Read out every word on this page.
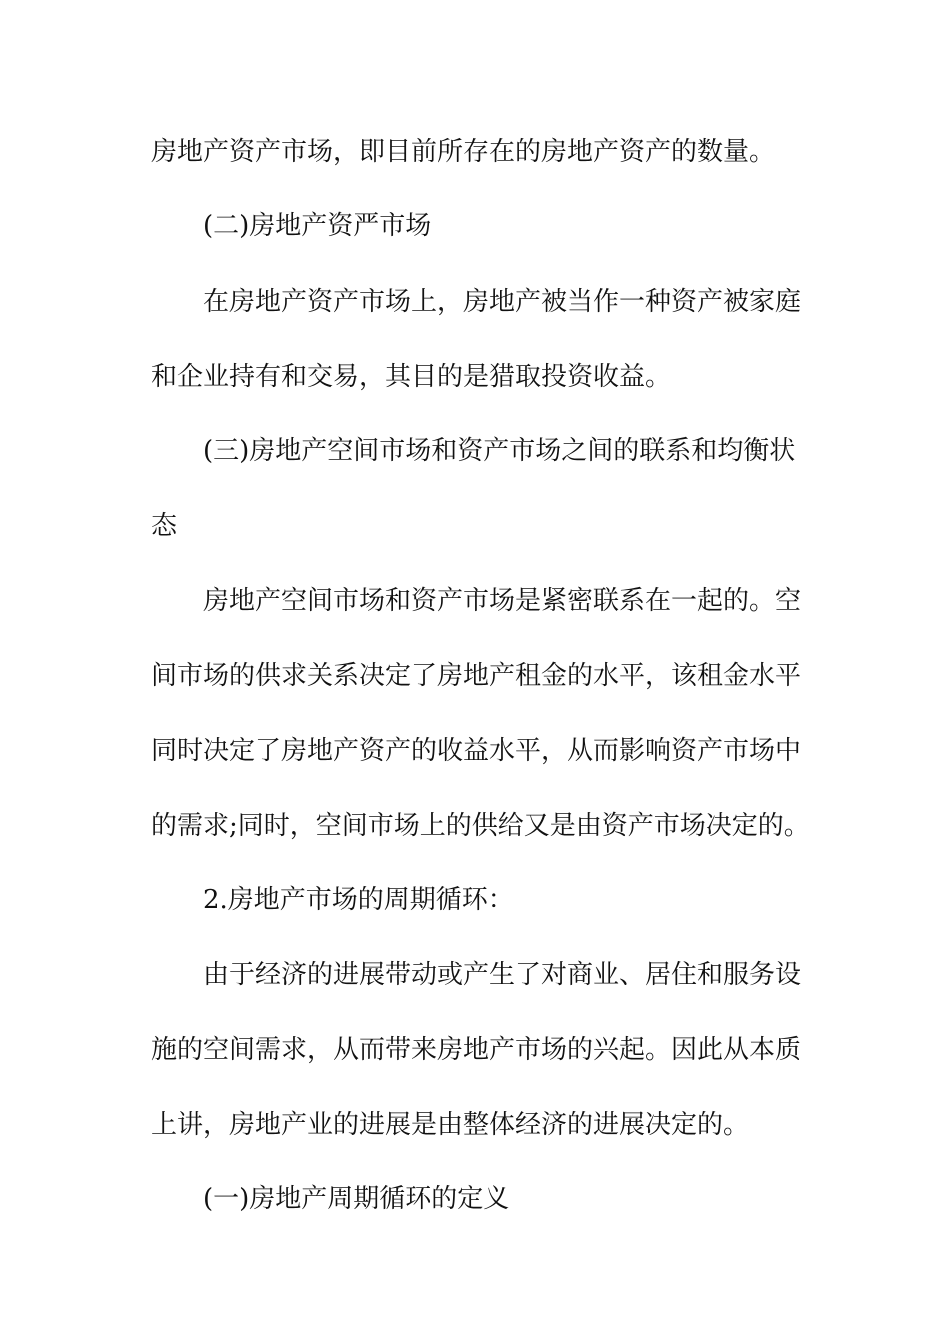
房地产资产市场，即目前所存在的房地产资产的数量。
(二)房地产资严市场
在房地产资产市场上，房地产被当作一种资产被家庭
和企业持有和交易，其目的是猎取投资收益。
(三)房地产空间市场和资产市场之间的联系和均衡状
态
房地产空间市场和资产市场是紧密联系在一起的。空
间市场的供求关系决定了房地产租金的水平，该租金水平
同时决定了房地产资产的收益水平，从而影响资产市场中
的需求;同时，空间市场上的供给又是由资产市场决定的。
2.房地产市场的周期循环：
由于经济的进展带动或产生了对商业、居住和服务设
施的空间需求，从而带来房地产市场的兴起。因此从本质
上讲，房地产业的进展是由整体经济的进展决定的。
(一)房地产周期循环的定义
